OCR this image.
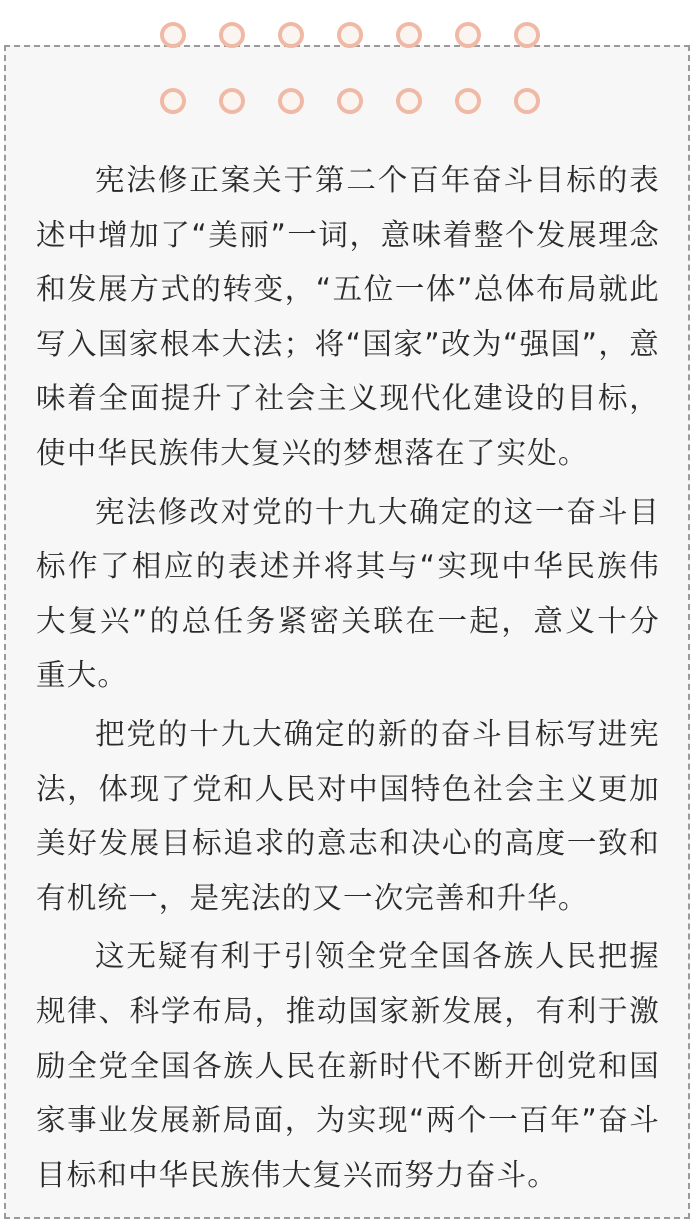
宪法修正案关于第二个百年奋斗目标的表述中增加了“美丽”一词，意味着整个发展理念和发展方式的转变，“五位一体”总体布局就此写入国家根本大法；将“国家”改为“强国”，意味着全面提升了社会主义现代化建设的目标，使中华民族伟大复兴的梦想落在了实处。

宪法修改对党的十九大确定的这一奋斗目标作了相应的表述并将其与“实现中华民族伟大复兴”的总任务紧密关联在一起，意义十分重大。

把党的十九大确定的新的奋斗目标写进宪法，体现了党和人民对中国特色社会主义更加美好发展目标追求的意志和决心的高度一致和有机统一，是宪法的又一次完善和升华。

这无疑有利于引领全党全国各族人民把握规律、科学布局，推动国家新发展，有利于激励全党全国各族人民在新时代不断开创党和国家事业发展新局面，为实现“两个一百年”奋斗目标和中华民族伟大复兴而努力奋斗。
